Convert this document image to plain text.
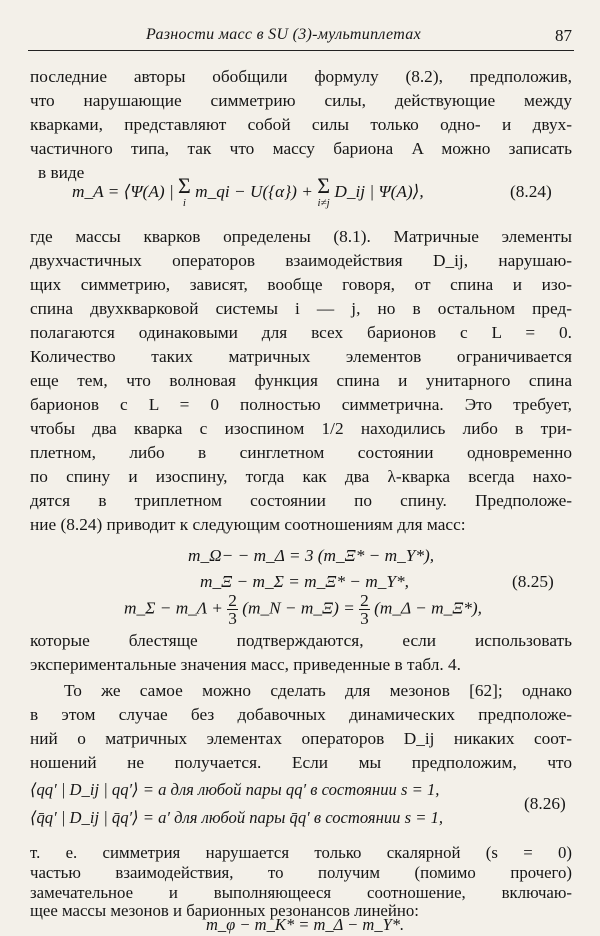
Разности масс в SU (3)-мультиплетах	87
последние авторы обобщили формулу (8.2), предположив,
что нарушающие симметрию силы, действующие между
кварками, представляют собой силы только одно- и двух-
частичного типа, так что массу бариона A можно записать
в виде
m_A = ⟨Ψ(A) | Σ
i
m_qi − U({α}) + Σ
i≠j
D_ij | Ψ(A)⟩,	(8.24)
где массы кварков определены (8.1). Матричные элементы
двухчастичных операторов взаимодействия D_ij, нарушаю-
щих симметрию, зависят, вообще говоря, от спина и изо-
спина двухкварковой системы i — j, но в остальном пред-
полагаются одинаковыми для всех барионов с L = 0.
Количество таких матричных элементов ограничивается
еще тем, что волновая функция спина и унитарного спина
барионов с L = 0 полностью симметрична. Это требует,
чтобы два кварка с изоспином 1/2 находились либо в три-
плетном, либо в синглетном состоянии одновременно
по спину и изоспину, тогда как два λ-кварка всегда нахо-
дятся в триплетном состоянии по спину. Предположе-
ние (8.24) приводит к следующим соотношениям для масс:
m_Ω− − m_Δ = 3 (m_Ξ* − m_Y*),
m_Ξ − m_Σ = m_Ξ* − m_Y*,	(8.25)
m_Σ − m_Λ + $\frac{2}{3}$ (m_N − m_Ξ) = $\frac{2}{3}$ (m_Δ − m_Ξ*),
которые блестяще подтверждаются, если использовать
экспериментальные значения масс, приведенные в табл. 4.
То же самое можно сделать для мезонов [62]; однако
в этом случае без добавочных динамических предположе-
ний о матричных элементах операторов D_ij никаких соот-
ношений не получается. Если мы предположим, что
⟨qq′ | D_ij | qq′⟩ = a для любой пары qq′ в состоянии s = 1,
⟨q̄q′ | D_ij | q̄q′⟩ = a′ для любой пары q̄q′ в состоянии s = 1,
(8.26)
т. е. симметрия нарушается только скалярной (s = 0)
частью взаимодействия, то получим (помимо прочего)
замечательное и выполняющееся соотношение, включаю-
щее массы мезонов и барионных резонансов линейно:
m_φ − m_K* = m_Δ − m_Y*.
